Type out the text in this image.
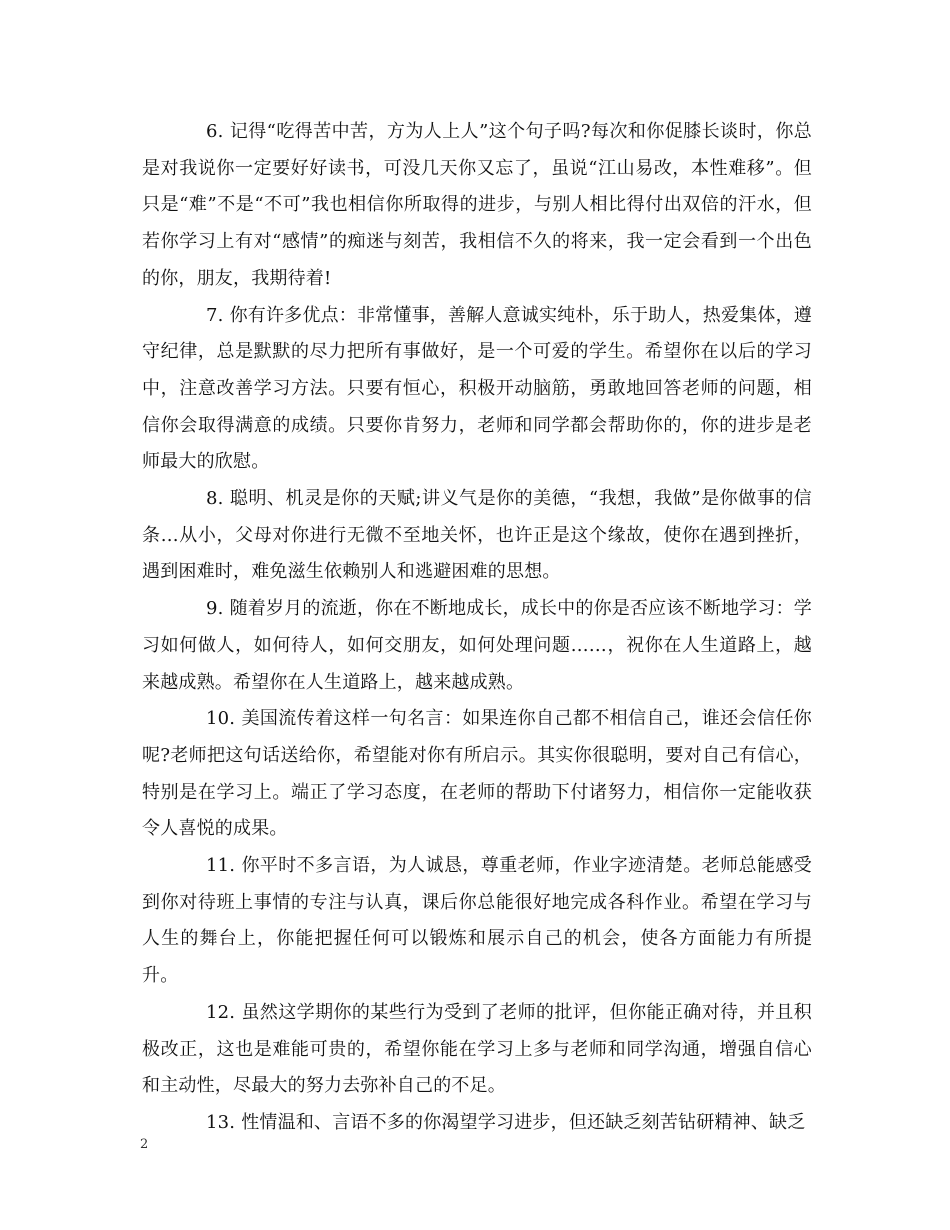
6. 记得“吃得苦中苦，方为人上人”这个句子吗?每次和你促膝长谈时，你总是对我说你一定要好好读书，可没几天你又忘了，虽说“江山易改，本性难移”。但只是“难”不是“不可”我也相信你所取得的进步，与别人相比得付出双倍的汗水，但若你学习上有对“感情”的痴迷与刻苦，我相信不久的将来，我一定会看到一个出色的你，朋友，我期待着!

7. 你有许多优点：非常懂事，善解人意诚实纯朴，乐于助人，热爱集体，遵守纪律，总是默默的尽力把所有事做好，是一个可爱的学生。希望你在以后的学习中，注意改善学习方法。只要有恒心，积极开动脑筋，勇敢地回答老师的问题，相信你会取得满意的成绩。只要你肯努力，老师和同学都会帮助你的，你的进步是老师最大的欣慰。

8. 聪明、机灵是你的天赋;讲义气是你的美德，“我想，我做”是你做事的信条…从小，父母对你进行无微不至地关怀，也许正是这个缘故，使你在遇到挫折，遇到困难时，难免滋生依赖别人和逃避困难的思想。

9. 随着岁月的流逝，你在不断地成长，成长中的你是否应该不断地学习：学习如何做人，如何待人，如何交朋友，如何处理问题……，祝你在人生道路上，越来越成熟。希望你在人生道路上，越来越成熟。

10. 美国流传着这样一句名言：如果连你自己都不相信自己，谁还会信任你呢?老师把这句话送给你，希望能对你有所启示。其实你很聪明，要对自己有信心，特别是在学习上。端正了学习态度，在老师的帮助下付诸努力，相信你一定能收获令人喜悦的成果。

11. 你平时不多言语，为人诚恳，尊重老师，作业字迹清楚。老师总能感受到你对待班上事情的专注与认真，课后你总能很好地完成各科作业。希望在学习与人生的舞台上，你能把握任何可以锻炼和展示自己的机会，使各方面能力有所提升。

12. 虽然这学期你的某些行为受到了老师的批评，但你能正确对待，并且积极改正，这也是难能可贵的，希望你能在学习上多与老师和同学沟通，增强自信心和主动性，尽最大的努力去弥补自己的不足。

13. 性情温和、言语不多的你渴望学习进步，但还缺乏刻苦钻研精神、缺乏

2
